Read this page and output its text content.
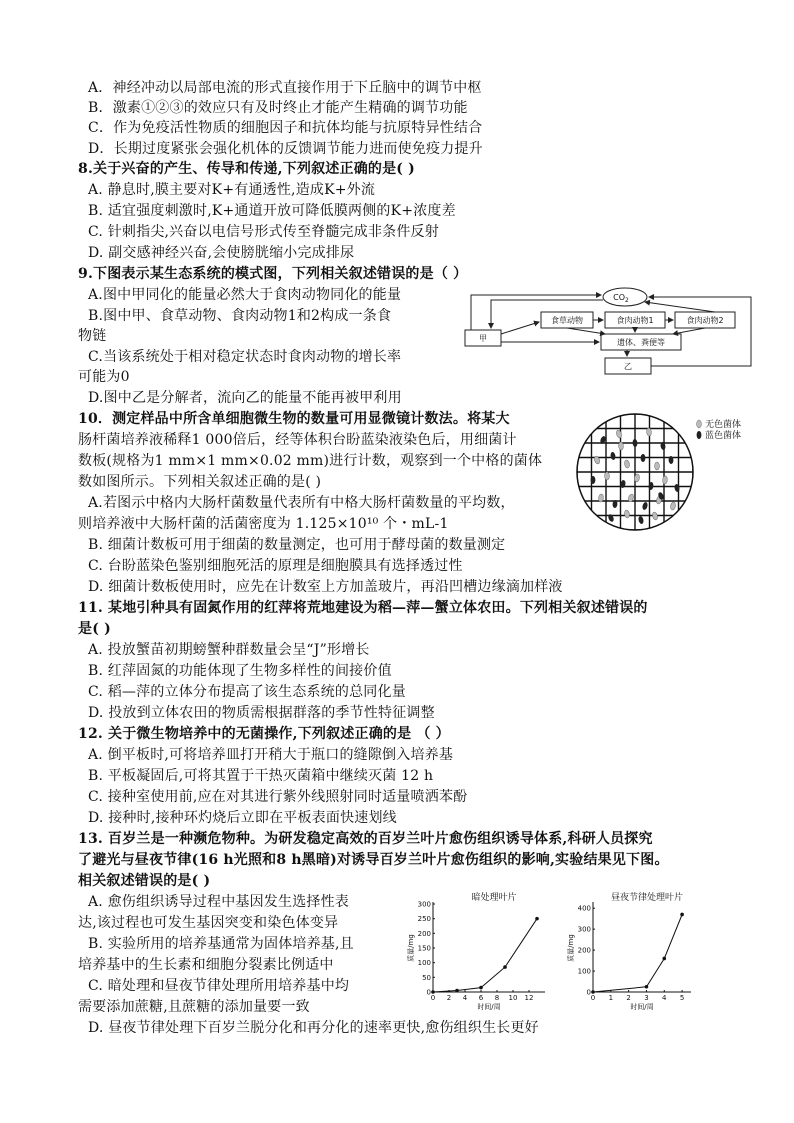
A．神经冲动以局部电流的形式直接作用于下丘脑中的调节中枢
B．激素①②③的效应只有及时终止才能产生精确的调节功能
C．作为免疫活性物质的细胞因子和抗体均能与抗原特异性结合
D．长期过度紧张会强化机体的反馈调节能力进而使免疫力提升
8.关于兴奋的产生、传导和传递,下列叙述正确的是( )
A. 静息时,膜主要对K+有通透性,造成K+外流
B. 适宜强度刺激时,K+通道开放可降低膜两侧的K+浓度差
C. 针刺指尖,兴奋以电信号形式传至脊髓完成非条件反射
D. 副交感神经兴奋,会使膀胱缩小完成排尿
9.下图表示某生态系统的模式图，下列相关叙述错误的是（ ）
A.图中甲同化的能量必然大于食肉动物同化的能量
B.图中甲、食草动物、食肉动物1和2构成一条食
物链
C.当该系统处于相对稳定状态时食肉动物的增长率
可能为0
D.图中乙是分解者，流向乙的能量不能再被甲利用
$CO_2$
甲
食草动物	食肉动物1	食肉动物2
遗体、粪便等
乙
10．测定样品中所含单细胞微生物的数量可用显微镜计数法。将某大
肠杆菌培养液稀释1 000倍后，经等体积台盼蓝染液染色后，用细菌计
数板(规格为1 mm×1 mm×0.02 mm)进行计数，观察到一个中格的菌体
数如图所示。下列相关叙述正确的是( )
A.若图示中格内大肠杆菌数量代表所有中格大肠杆菌数量的平均数，
则培养液中大肠杆菌的活菌密度为 1.125×10¹⁰ 个・mL-1
B. 细菌计数板可用于细菌的数量测定，也可用于酵母菌的数量测定
C. 台盼蓝染色鉴别细胞死活的原理是细胞膜具有选择透过性
D. 细菌计数板使用时，应先在计数室上方加盖玻片，再沿凹槽边缘滴加样液
无色菌体
蓝色菌体
11. 某地引种具有固氮作用的红萍将荒地建设为稻—萍—蟹立体农田。下列相关叙述错误的
是( )
A. 投放蟹苗初期螃蟹种群数量会呈“J”形增长
B. 红萍固氮的功能体现了生物多样性的间接价值
C. 稻—萍的立体分布提高了该生态系统的总同化量
D. 投放到立体农田的物质需根据群落的季节性特征调整
12. 关于微生物培养中的无菌操作,下列叙述正确的是 （ ）
A. 倒平板时,可将培养皿打开稍大于瓶口的缝隙倒入培养基
B. 平板凝固后,可将其置于干热灭菌箱中继续灭菌 12 h
C. 接种室使用前,应在对其进行紫外线照射同时适量喷洒苯酚
D. 接种时,接种环灼烧后立即在平板表面快速划线
13. 百岁兰是一种濒危物种。为研发稳定高效的百岁兰叶片愈伤组织诱导体系,科研人员探究
了避光与昼夜节律(16 h光照和8 h黑暗)对诱导百岁兰叶片愈伤组织的影响,实验结果见下图。
相关叙述错误的是( )
A. 愈伤组织诱导过程中基因发生选择性表
达,该过程也可发生基因突变和染色体变异
B. 实验所用的培养基通常为固体培养基,且
培养基中的生长素和细胞分裂素比例适中
C. 暗处理和昼夜节律处理所用培养基中均
需要添加蔗糖,且蔗糖的添加量要一致
D. 昼夜节律处理下百岁兰脱分化和再分化的速率更快,愈伤组织生长更好
暗处理叶片
0
50
100
150
200
250
300
0 2 4 6 8 10 12
时间/周
质量/mg
昼夜节律处理叶片
0
100
200
300
400
0 1 2 3 4 5
时间/周
质量/mg
